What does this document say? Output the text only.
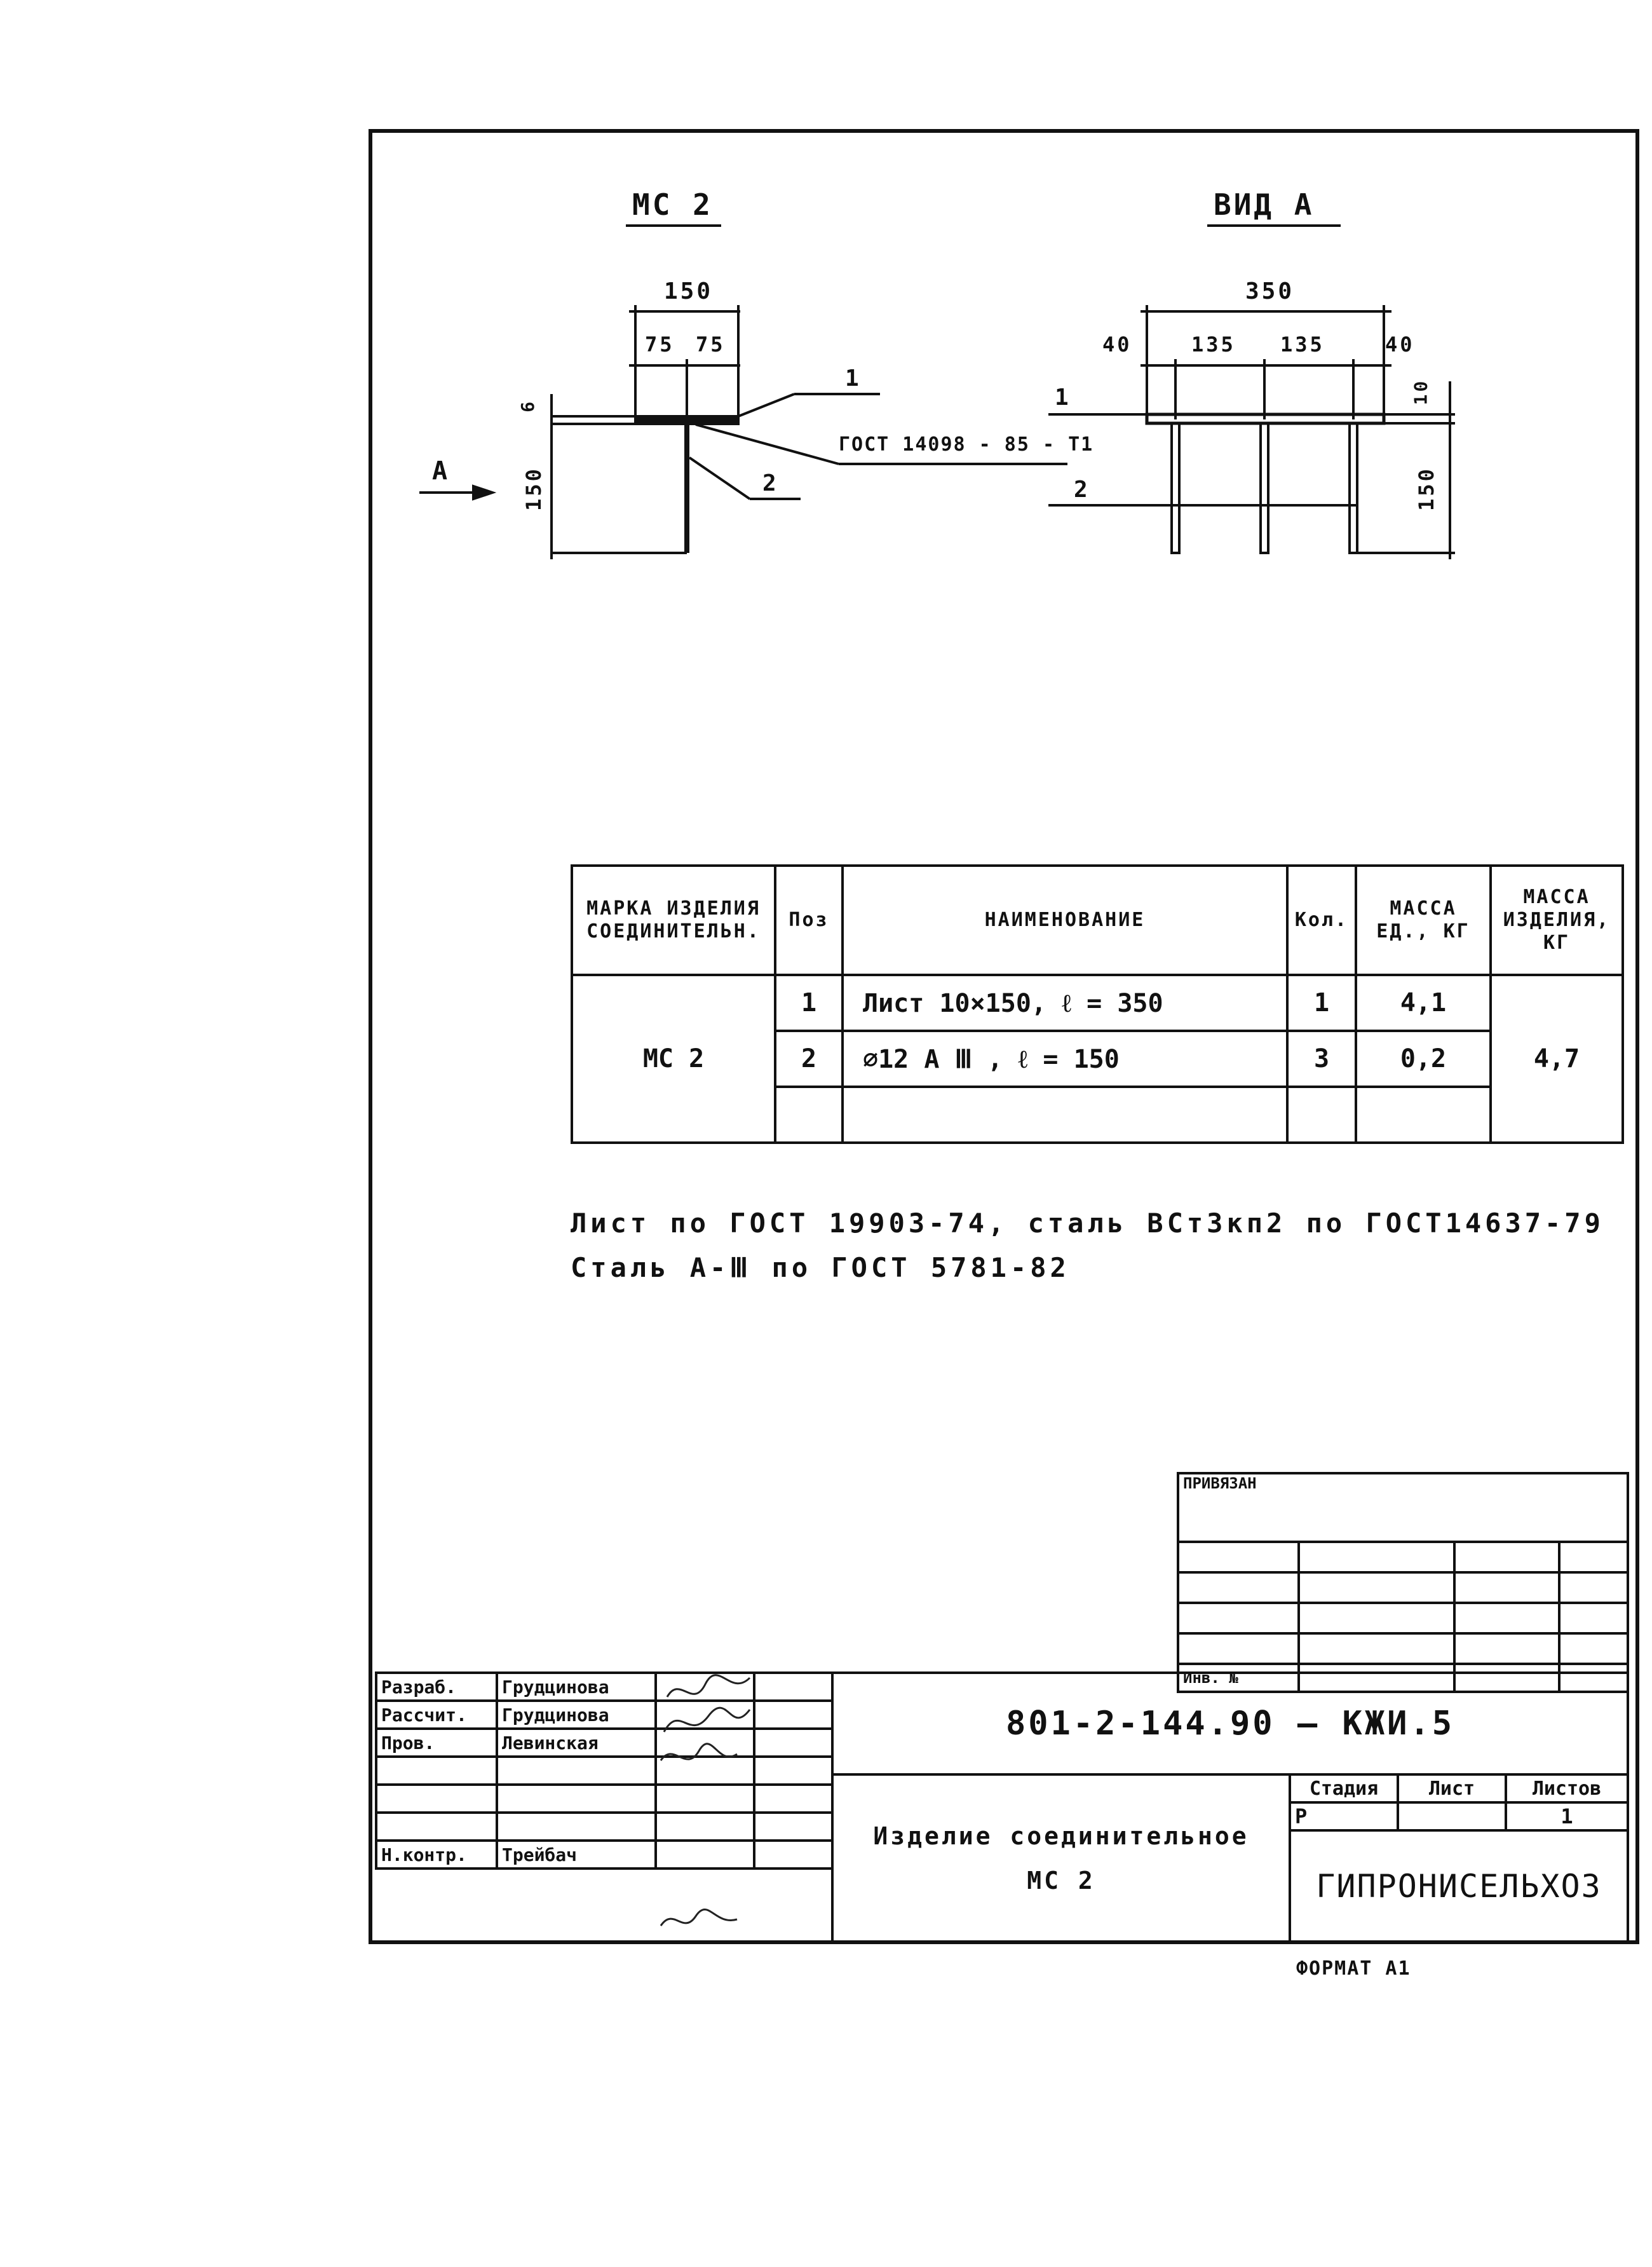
МС 2	ВИД А
150
75 75
6
150
А
1
ГОСТ 14098 - 85 - Т1
2
350
40	135 135	40
10
150
1
2
МАРКА ИЗДЕЛИЯ СОЕДИНИТЕЛЬН.	Поз	НАИМЕНОВАНИЕ	Кол.	МАССА ЕД., КГ	МАССА ИЗДЕЛИЯ, КГ
МС 2	1	Лист 10×150, ℓ = 350	1	4,1	4,7
	2	∅12 А Ⅲ , ℓ = 150	3	0,2	

Лист по ГОСТ 19903-74, сталь ВСт3кп2 по ГОСТ14637-79
Сталь А-Ⅲ по ГОСТ 5781-82
ПРИВЯЗАН			

Инв. №			
Разраб.	Грудцинова		
Рассчит.	Грудцинова		
Пров.	Левинская		

Н.контр.	Трейбач		
801-2-144.90 — КЖИ.5			

Изделие соединительное
МС 2	Стадия	Лист	Листов
	Р		1
	ГИПРОНИСЕЛЬХОЗ		
ФОРМАТ А1
